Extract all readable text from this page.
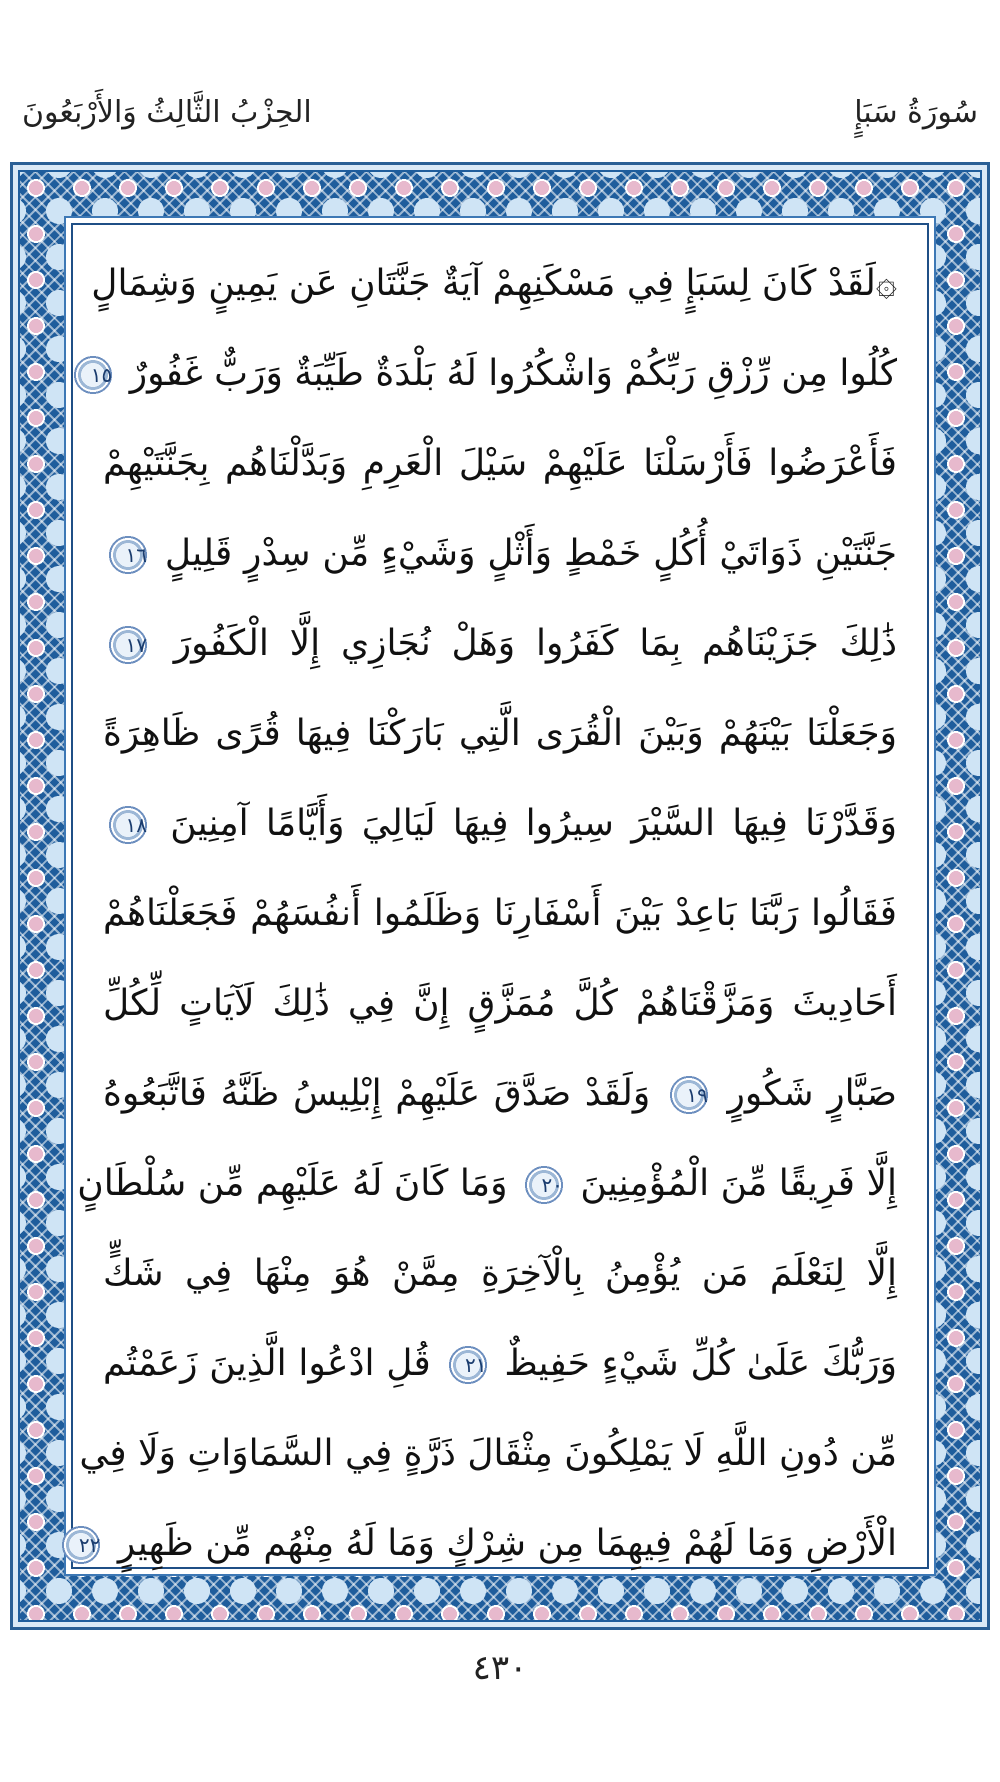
الحِزْبُ الثَّالِثُ وَالأَرْبَعُونَ	سُورَةُ سَبَإٍ
۞لَقَدْ كَانَ لِسَبَإٍ فِي مَسْكَنِهِمْ آيَةٌ جَنَّتَانِ عَن يَمِينٍ وَشِمَالٍ
كُلُوا مِن رِّزْقِ رَبِّكُمْ وَاشْكُرُوا لَهُ بَلْدَةٌ طَيِّبَةٌ وَرَبٌّ غَفُورٌ ١٥
فَأَعْرَضُوا فَأَرْسَلْنَا عَلَيْهِمْ سَيْلَ الْعَرِمِ وَبَدَّلْنَاهُم بِجَنَّتَيْهِمْ
جَنَّتَيْنِ ذَوَاتَيْ أُكُلٍ خَمْطٍ وَأَثْلٍ وَشَيْءٍ مِّن سِدْرٍ قَلِيلٍ ١٦
ذَٰلِكَ جَزَيْنَاهُم بِمَا كَفَرُوا وَهَلْ نُجَازِي إِلَّا الْكَفُورَ ١٧
وَجَعَلْنَا بَيْنَهُمْ وَبَيْنَ الْقُرَى الَّتِي بَارَكْنَا فِيهَا قُرًى ظَاهِرَةً
وَقَدَّرْنَا فِيهَا السَّيْرَ سِيرُوا فِيهَا لَيَالِيَ وَأَيَّامًا آمِنِينَ ١٨
فَقَالُوا رَبَّنَا بَاعِدْ بَيْنَ أَسْفَارِنَا وَظَلَمُوا أَنفُسَهُمْ فَجَعَلْنَاهُمْ
أَحَادِيثَ وَمَزَّقْنَاهُمْ كُلَّ مُمَزَّقٍ إِنَّ فِي ذَٰلِكَ لَآيَاتٍ لِّكُلِّ
صَبَّارٍ شَكُورٍ ١٩ وَلَقَدْ صَدَّقَ عَلَيْهِمْ إِبْلِيسُ ظَنَّهُ فَاتَّبَعُوهُ
إِلَّا فَرِيقًا مِّنَ الْمُؤْمِنِينَ ٢٠ وَمَا كَانَ لَهُ عَلَيْهِم مِّن سُلْطَانٍ
إِلَّا لِنَعْلَمَ مَن يُؤْمِنُ بِالْآخِرَةِ مِمَّنْ هُوَ مِنْهَا فِي شَكٍّ
وَرَبُّكَ عَلَىٰ كُلِّ شَيْءٍ حَفِيظٌ ٢١ قُلِ ادْعُوا الَّذِينَ زَعَمْتُم
مِّن دُونِ اللَّهِ لَا يَمْلِكُونَ مِثْقَالَ ذَرَّةٍ فِي السَّمَاوَاتِ وَلَا فِي
الْأَرْضِ وَمَا لَهُمْ فِيهِمَا مِن شِرْكٍ وَمَا لَهُ مِنْهُم مِّن ظَهِيرٍ ٢٢
٤٣٠
